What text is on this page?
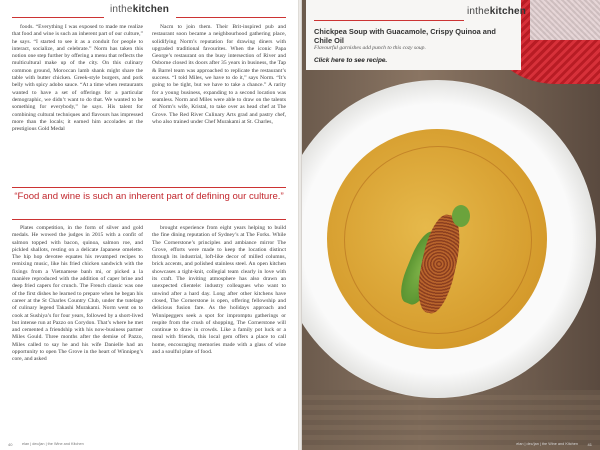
inthekitchen

foods. “Everything I was exposed to made me realize that food and wine is such an inherent part of our culture,” he says. “I started to see it as a conduit for people to interact, socialize, and celebrate.” Norm has taken this notion one step further by offering a menu that reflects the multicultural make up of the city. On this culinary common ground, Moroccan lamb shank might share the table with butter chicken. Greek-style burgers, and pork belly with spicy adobo sauce. “At a time when restaurants wanted to have a set of offerings for a particular demographic, we didn’t want to do that. We wanted to be something for everybody,” he says. His talent for combining cultural techniques and flavours has impressed more than the locals; it earned him accolades at the prestigious Gold Medal

Nacm to join them. Their Brit-inspired pub and restaurant soon became a neighbourhood gathering place, solidifying Norm’s reputation for drawing diners with upgraded traditional favourites. When the iconic Papa George’s restaurant on the busy intersection of River and Osborne closed its doors after 35 years in business, the Tap & Barrel team was approached to replicate the restaurant’s success. “I told Miles, we have to do it,” says Norm. “It’s going to be tight, but we have to take a chance.” A rarity for a young business, expanding to a second location was seamless. Norm and Miles were able to draw on the talents of Norm’s wife, Kristal, to take over as head chef at The Grove. The Red River Culinary Arts grad and pastry chef, who also trained under Chef Murakami at St. Charles,

“Food and wine is such an inherent part of defining our culture.”

Plates competition, in the form of silver and gold medals. He wowed the judges in 2015 with a confit of salmon topped with bacon, quinoa, salmon roe, and pickled shallots, resting on a delicate Japanese omelette. The hip hop devotee equates his revamped recipes to remixing music, like his fried chicken sandwich with the fixings from a Vietnamese banh mi, or picked a la manière reproduced with the addition of caper brine and deep fried capers for crunch. The French classic was one of the first dishes he learned to prepare when he began his career at the St Charles Country Club, under the tutelage of culinary legend Takashi Murakami. Norm went on to cook at Sushiya’s for four years, followed by a short-lived but intense run at Pazzo on Corydon. That’s where he met and cemented a friendship with his now-business partner Miles Gould. Three months after the demise of Pazzo, Miles called to say he and his wife Danielle had an opportunity to open The Grove in the heart of Winnipeg’s core, and asked

brought experience from eight years helping to build the fine dining reputation of Sydney’s at The Forks. While The Cornerstone’s principles and ambiance mirror The Grove, efforts were made to keep the location distinct through its industrial, loft-like decor of milled columns, brick accents, and polished stainless steel. An open kitchen showcases a tight-knit, collegial team clearly in love with its craft. The inviting atmosphere has also drawn an unexpected clientele: industry colleagues who want to unwind after a hard day. Long after other kitchens have closed, The Cornerstone is open, offering fellowship and delicious fusion fare. As the holidays approach and Winnipeggers seek a spot for impromptu gatherings or respite from the crush of shopping, The Cornerstone will continue to draw in crowds. Like a family pot luck or a meal with friends, this local gem offers a place to call home, encouraging memories made with a glass of wine and a soulful plate of food.

40	elan | dec/jan | the Wine and Kitchen
inthekitchen
Chickpea Soup with Guacamole, Crispy Quinoa and Chile Oil
Flavourful garnishes add punch to this cozy soup.
Click here to see recipe.
elan | dec/jan | the Wine and Kitchen 41
